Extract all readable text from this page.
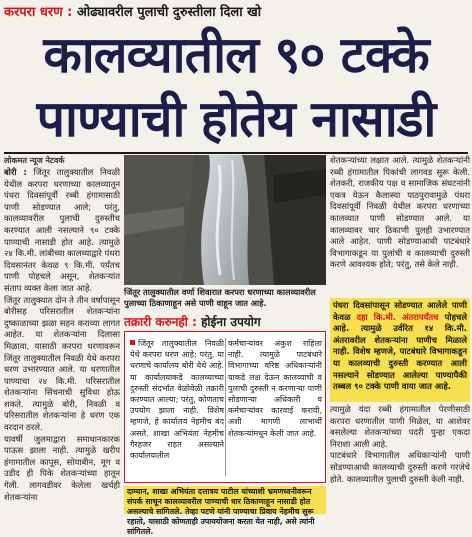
करपरा धरण : ओढ्यावरील पुलाची दुरुस्तीला दिला खो
कालव्यातील ९० टक्के
पाण्याची होतेय नासाडी
लोकमत न्यूज नेटवर्क

बोरी : जिंतूर तालुक्यातील निवळी येथील करपरा धरणाच्या कालव्यातून पंधरा दिवसांपूर्वी रब्बी हंगामासाठी पाणी सोडण्यात आले; परंतु, कालव्यावरील पुलाची दुरुस्तीच करण्यात आली नसल्याने ९० टक्के पाण्याची नासाडी होत आहे. त्यामुळे २४ कि.मी. लांबीच्या कालव्याद्वारे पंधरा दिवसानंतर केवळ ९ कि.मी. पर्यंतच पाणी पोहचले असून, शेतकऱ्यांत संताप व्यक्त केला जात आहे.

जिंतूर तालुक्यात दोन ते तीन वर्षापासून बोरीसह परिसरातील शेतकऱ्यांना दुष्काळाच्या झळा सहन कराव्या लागत आहेत. या शेतकऱ्यांना दिलासा मिळावा, यासाठी करपरा धरणावरून जिंतूर तालुक्यातील निवळी येथे करपरा धरण उभारण्यात आले. या धरणातील पाण्याचा २४ कि.मी. परिसरातील शेतकऱ्यांना सिंचनाची सुविधा होऊ शकते. त्यामुळे बोरी, निवळी व परिसरातील शेतकऱ्यांना हे धरण एक वरदान ठरले.

यावर्षी जुलमाद्वारा समाधानकारक पाऊस झाला नाही. त्यामुळे खरीप हंगामातील कापूस, सोयाबीन, मूग व उडीद ही पिके शेतकऱ्यांच्या हातून गेली. लागवडीवर केलेला खर्चही शेतकऱ्यांना

जिंतूर तालुक्यातील वर्णा शिवारात करपरा धरणाच्या कालव्यावरील पुलाच्या ठिकाणाहून असे पाणी वाहून जात आहे.
तक्रारी करुनही : होईना उपयोग
जिंतूर तालुक्यातील निवळी येथे करपरा धरण आहे; परंतु, या धरणाचे कार्यालय बोरी येथे आहे. या कार्यालयाकडे कालव्याच्या दुरुस्ती संदर्भात वेळोवेळी तक्रारी करण्यात आल्या; परंतु, कोणताच उपयोग झाला नाही. विशेष म्हणजे, हे कार्यालय नेहमीच बंद असते. शाखा अभियंता नेहमीच गैरहजर राहत असल्याने कार्यालयातील
कर्मचाऱ्यांवर अंकुश राहिला नाही. त्यामुळे पाटबंधारे विभागाच्या वरिष्ठ अधिकाऱ्यांनी याकडे लक्ष देऊन कालव्याची व पुलाची दुरुस्ती न करणाऱ्या पाणी सोडणाऱ्या अधिकारी व कर्मचाऱ्यांवर कारवाई करावी, अशी मागणी लाभार्थी शेतकऱ्यांमधून केली जात आहे.
दाम्यान, शाखा अभियंता दत्तात्रय पाटील यांच्याशी भ्रमणध्वनीवरून संपर्क साधून कालव्यावरील पाण्याची धार ठिकाणाहून नासाडी होत असल्याचे सांगितले. तेव्हा पटणे यांनी पाण्याचा प्रिवाय नेहमीच सुरू रहातो, यासाठी कोणताही उपाययोजना करता येत नाही, असे त्यांनी सांगितले.

शेतकऱ्यांच्या लक्षात आले. त्यामुळे शेतकऱ्यांनी रब्बी हंगामातील पिकांची लागवड सुरू केली. शेतकरी, राजकीय पक्ष व सामाजिक संघटनांनी एकत्र येऊन कैलास्या पाठपुरावामुळे पंधरा दिवसांपूर्वी निवळी येथील करपरा धरणाच्या कालव्यात पाणी सोडण्यात आले. या कालव्यावर चार ठिकाणी पुलही उभारण्यात आले आहेत. पाणी सोडण्याआधी पाटबंधारे विभागाकडून या पुलांची व कालव्याची दुरुस्ती करणे आवश्यक होते; परंतु, तसे केले नाही.

पंधरा दिवसांपासून सोडण्यात आलेले पाणी केवळ दहा कि.मी. अंतरापर्यंतच पोहचले आहे. त्यामुळे उर्वरित १४ कि.मी. अंतरावरील शेतकऱ्यांना पाणीच मिळाले नाही. विशेष म्हणजे, पाटबंधारे विभागाकडून या कालव्याची दुरुस्ती करण्यात आली नसल्याने सोडण्यात आलेल्या पाण्यापैकी तब्बल ९० टक्के पाणी वाया जात आहे.

त्यामुळे यंदा रब्बी हंगामातील पेरणीसाठी करपरा धरणातील पाणी मिळेल, या आशेवर बसलेल्या शेतकऱ्यांच्या पदरी पुन्हा एकदा निराशा आली आहे.

पाटबंधारे विभागातील अधिकाऱ्यांनी पाणी सोडण्याआधी कालव्याची दुरुस्ती करणे गरजेचे होते. कालव्यातील पुलाची दुरुस्ती केली नाही.
